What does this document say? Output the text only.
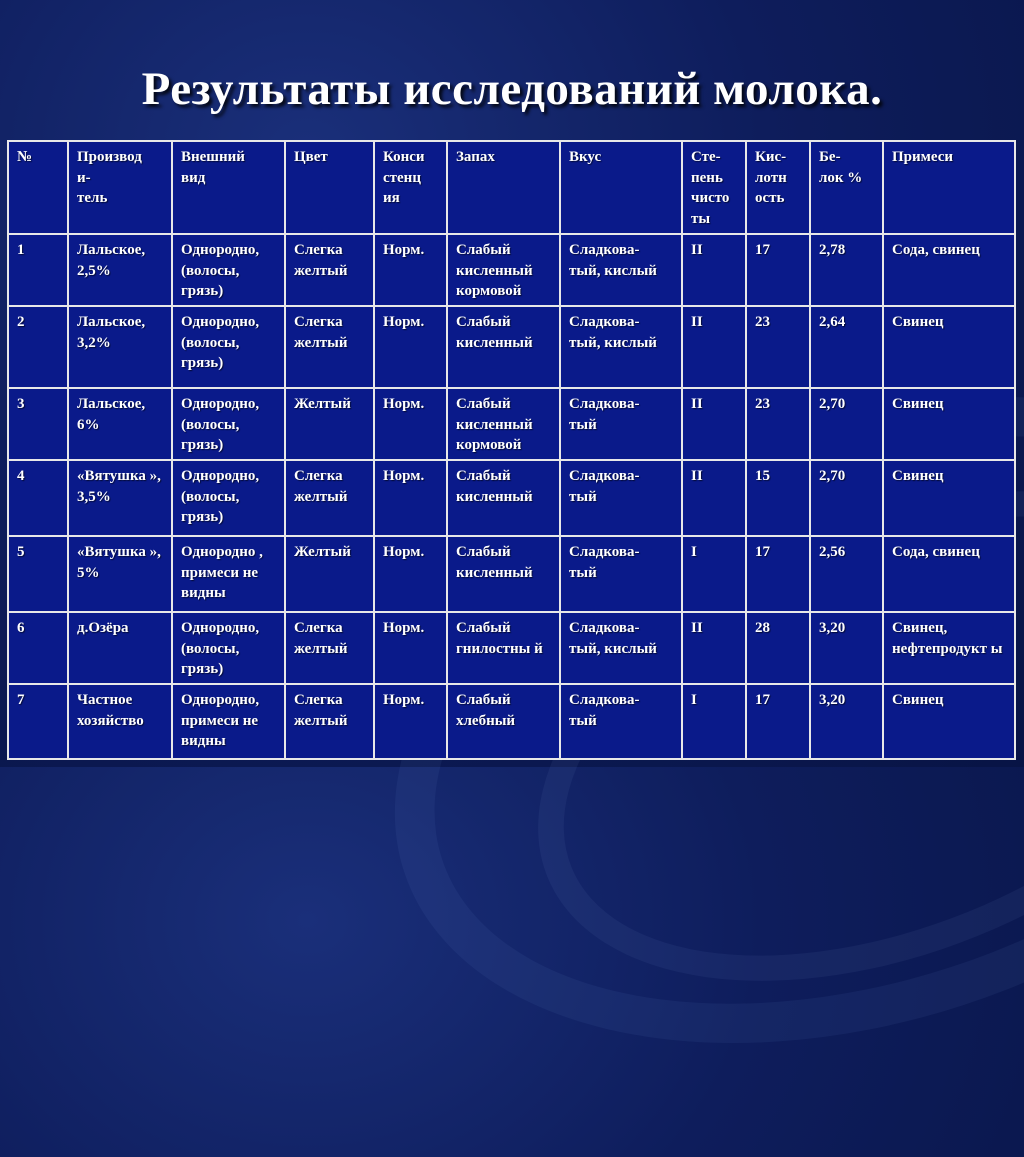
Результаты исследований молока.
№	Производ
и-
тель	Внешний
вид	Цвет	Конси
стенц
ия	Запах	Вкус	Сте-
пень
чисто
ты	Кис-
лотн
ость	Бе-
лок %	Примеси
1	Лальское, 2,5%	Однородно, (волосы, грязь)	Слегка желтый	Норм.	Слабый кисленный кормовой	Сладкова-
тый, кислый	II	17	2,78	Сода, свинец
2	Лальское, 3,2%	Однородно, (волосы, грязь)	Слегка желтый	Норм.	Слабый кисленный	Сладкова-
тый, кислый	II	23	2,64	Свинец
3	Лальское, 6%	Однородно, (волосы, грязь)	Желтый	Норм.	Слабый кисленный кормовой	Сладкова-
тый	II	23	2,70	Свинец
4	«Вятушка », 3,5%	Однородно, (волосы, грязь)	Слегка желтый	Норм.	Слабый кисленный	Сладкова-
тый	II	15	2,70	Свинец
5	«Вятушка », 5%	Однородно , примеси не видны	Желтый	Норм.	Слабый кисленный	Сладкова-
тый	I	17	2,56	Сода, свинец
6	д.Озёра	Однородно, (волосы, грязь)	Слегка желтый	Норм.	Слабый гнилостны й	Сладкова-
тый, кислый	II	28	3,20	Свинец, нефтепродукт ы
7	Частное хозяйство	Однородно, примеси не видны	Слегка желтый	Норм.	Слабый хлебный	Сладкова-
тый	I	17	3,20	Свинец
